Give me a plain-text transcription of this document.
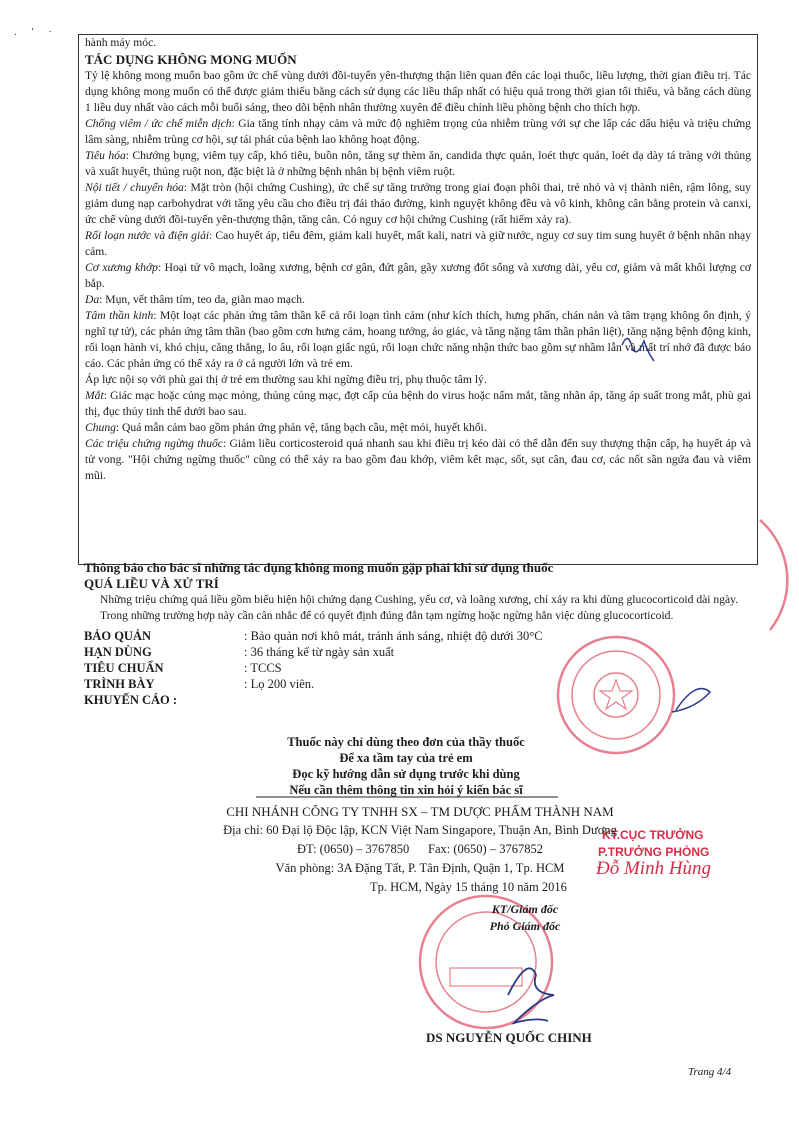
. ' ·

hành máy móc.

TÁC DỤNG KHÔNG MONG MUỐN

Tỷ lệ không mong muốn bao gồm ức chế vùng dưới đồi-tuyến yên-thượng thận liên quan đến các loại thuốc, liều lượng, thời gian điều trị. Tác dụng không mong muốn có thể được giảm thiểu bằng cách sử dụng các liều thấp nhất có hiệu quả trong thời gian tối thiểu, và bằng cách dùng 1 liều duy nhất vào cách mỗi buổi sáng, theo dõi bệnh nhân thường xuyên để điều chỉnh liều phòng bệnh cho thích hợp.

Chống viêm / ức chế miễn dịch: Gia tăng tính nhạy cảm và mức độ nghiêm trọng của nhiễm trùng với sự che lấp các dấu hiệu và triệu chứng lâm sàng, nhiễm trùng cơ hội, sự tái phát của bệnh lao không hoạt động.

Tiêu hóa: Chướng bụng, viêm tụy cấp, khó tiêu, buồn nôn, tăng sự thèm ăn, candida thực quản, loét thực quản, loét dạ dày tá tràng với thủng và xuất huyết, thủng ruột non, đặc biệt là ở những bệnh nhân bị bệnh viêm ruột.

Nội tiết / chuyển hóa: Mặt tròn (hội chứng Cushing), ức chế sự tăng trưởng trong giai đoạn phôi thai, trẻ nhỏ và vị thành niên, rậm lông, suy giảm dung nạp carbohydrat với tăng yêu cầu cho điều trị đái tháo đường, kinh nguyệt không đều và vô kinh, không cân bằng protein và canxi, ức chế vùng dưới đồi-tuyến yên-thượng thận, tăng cân. Có nguy cơ hội chứng Cushing (rất hiếm xảy ra).

Rối loạn nước và điện giải: Cao huyết áp, tiểu đêm, giảm kali huyết, mất kali, natri và giữ nước, nguy cơ suy tim sung huyết ở bệnh nhân nhạy cảm.

Cơ xương khớp: Hoại tử vô mạch, loãng xương, bệnh cơ gân, đứt gân, gãy xương đốt sống và xương dài, yếu cơ, giảm và mất khối lượng cơ bắp.

Da: Mụn, vết thâm tím, teo da, giãn mao mạch.

Tâm thần kinh: Một loạt các phản ứng tâm thần kể cả rối loạn tình cảm (như kích thích, hưng phấn, chán nản và tâm trạng không ổn định, ý nghĩ tự tử), các phản ứng tâm thần (bao gồm cơn hưng cảm, hoang tưởng, ảo giác, và tăng nặng tâm thần phân liệt), tăng nặng bệnh động kinh, rối loạn hành vi, khó chịu, căng thẳng, lo âu, rối loạn giấc ngủ, rối loạn chức năng nhận thức bao gồm sự nhầm lẫn và mất trí nhớ đã được báo cáo. Các phản ứng có thể xảy ra ở cả người lớn và trẻ em.

Áp lực nội sọ với phù gai thị ở trẻ em thường sau khi ngừng điều trị, phụ thuộc tâm lý.

Mắt: Giác mạc hoặc củng mạc mỏng, thủng củng mạc, đợt cấp của bệnh do virus hoặc nấm mắt, tăng nhãn áp, tăng áp suất trong mắt, phù gai thị, đục thủy tinh thể dưới bao sau.

Chung: Quá mẫn cảm bao gồm phản ứng phản vệ, tăng bạch cầu, mệt mỏi, huyết khối.

Các triệu chứng ngừng thuốc: Giảm liều corticosteroid quá nhanh sau khi điều trị kéo dài có thể dẫn đến suy thượng thận cấp, hạ huyết áp và tử vong. "Hội chứng ngừng thuốc" cũng có thể xảy ra bao gồm đau khớp, viêm kết mạc, sốt, sụt cân, đau cơ, các nốt sần ngứa đau và viêm mũi.

Thông báo cho bác sĩ những tác dụng không mong muốn gặp phải khi sử dụng thuốc

QUÁ LIỀU VÀ XỬ TRÍ

Những triệu chứng quá liều gồm biểu hiện hội chứng dạng Cushing, yếu cơ, và loãng xương, chỉ xảy ra khi dùng glucocorticoid dài ngày.

Trong những trường hợp này cần cân nhắc để có quyết định đúng đắn tạm ngừng hoặc ngừng hẳn việc dùng glucocorticoid.

BẢO QUẢN	: Bảo quản nơi khô mát, tránh ánh sáng, nhiệt độ dưới 30°C
HẠN DÙNG	: 36 tháng kể từ ngày sản xuất
TIÊU CHUẨN	: TCCS
TRÌNH BÀY	: Lọ 200 viên.
KHUYẾN CÁO :	

Thuốc này chỉ dùng theo đơn của thầy thuốc

Để xa tầm tay của trẻ em

Đọc kỹ hướng dẫn sử dụng trước khi dùng

Nếu cần thêm thông tin xin hỏi ý kiến bác sĩ

KT.CỤC TRƯỞNG
P.TRƯỞNG PHÒNG
Đỗ Minh Hùng

CHI NHÁNH CÔNG TY TNHH SX – TM DƯỢC PHẨM THÀNH NAM

Địa chỉ: 60 Đại lộ Độc lập, KCN Việt Nam Singapore, Thuận An, Bình Dương

ĐT: (0650) – 3767850 Fax: (0650) – 3767852

Văn phòng: 3A Đặng Tất, P. Tân Định, Quận 1, Tp. HCM

Tp. HCM, Ngày 15 tháng 10 năm 2016
KT/Giám đốc
Phó Giám đốc
DS NGUYỄN QUỐC CHINH
Trang 4/4
